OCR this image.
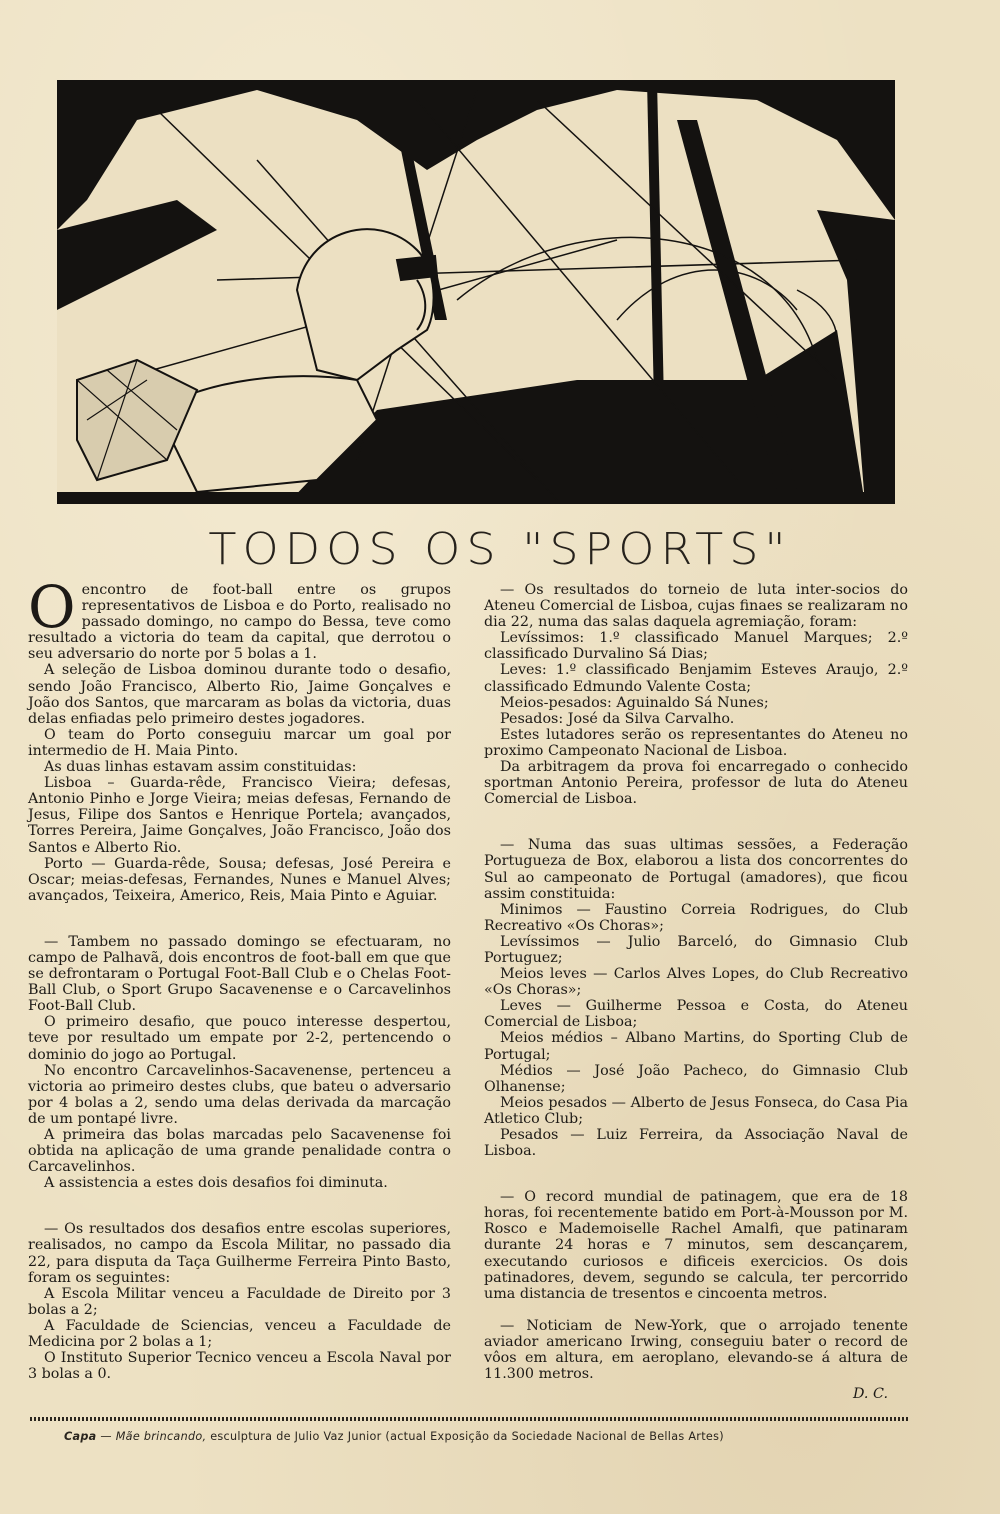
TODOS OS "SPORTS"

Oencontro de foot-ball entre os grupos representativos de Lisboa e do Porto, realisado no passado domingo, no campo do Bessa, teve como resultado a victoria do team da capital, que derrotou o seu adversario do norte por 5 bolas a 1.

A seleção de Lisboa dominou durante todo o desafio, sendo João Francisco, Alberto Rio, Jaime Gonçalves e João dos Santos, que marcaram as bolas da victoria, duas delas enfiadas pelo primeiro destes jogadores.

O team do Porto conseguiu marcar um goal por intermedio de H. Maia Pinto.

As duas linhas estavam assim constituidas:

Lisboa – Guarda-rêde, Francisco Vieira; defesas, Antonio Pinho e Jorge Vieira; meias defesas, Fernando de Jesus, Filipe dos Santos e Henrique Portela; avançados, Torres Pereira, Jaime Gonçalves, João Francisco, João dos Santos e Alberto Rio.

Porto — Guarda-rêde, Sousa; defesas, José Pereira e Oscar; meias-defesas, Fernandes, Nunes e Manuel Alves; avançados, Teixeira, Americo, Reis, Maia Pinto e Aguiar.

— Tambem no passado domingo se efectuaram, no campo de Palhavã, dois encontros de foot-ball em que que se defrontaram o Portugal Foot-Ball Club e o Chelas Foot-Ball Club, o Sport Grupo Sacavenense e o Carcavelinhos Foot-Ball Club.

O primeiro desafio, que pouco interesse despertou, teve por resultado um empate por 2-2, pertencendo o dominio do jogo ao Portugal.

No encontro Carcavelinhos-Sacavenense, pertenceu a victoria ao primeiro destes clubs, que bateu o adversario por 4 bolas a 2, sendo uma delas derivada da marcação de um pontapé livre.

A primeira das bolas marcadas pelo Sacavenense foi obtida na aplicação de uma grande penalidade contra o Carcavelinhos.

A assistencia a estes dois desafios foi diminuta.

— Os resultados dos desafios entre escolas superiores, realisados, no campo da Escola Militar, no passado dia 22, para disputa da Taça Guilherme Ferreira Pinto Basto, foram os seguintes:

A Escola Militar venceu a Faculdade de Direito por 3 bolas a 2;

A Faculdade de Sciencias, venceu a Faculdade de Medicina por 2 bolas a 1;

O Instituto Superior Tecnico venceu a Escola Naval por 3 bolas a 0.

— Os resultados do torneio de luta inter-socios do Ateneu Comercial de Lisboa, cujas finaes se realizaram no dia 22, numa das salas daquela agremiação, foram:

Levíssimos: 1.º classificado Manuel Marques; 2.º classificado Durvalino Sá Dias;

Leves: 1.º classificado Benjamim Esteves Araujo, 2.º classificado Edmundo Valente Costa;

Meios-pesados: Aguinaldo Sá Nunes;

Pesados: José da Silva Carvalho.

Estes lutadores serão os representantes do Ateneu no proximo Campeonato Nacional de Lisboa.

Da arbitragem da prova foi encarregado o conhecido sportman Antonio Pereira, professor de luta do Ateneu Comercial de Lisboa.

— Numa das suas ultimas sessões, a Federação Portugueza de Box, elaborou a lista dos concorrentes do Sul ao campeonato de Portugal (amadores), que ficou assim constituida:

Minimos — Faustino Correia Rodrigues, do Club Recreativo «Os Choras»;

Levíssimos — Julio Barceló, do Gimnasio Club Portuguez;

Meios leves — Carlos Alves Lopes, do Club Recreativo «Os Choras»;

Leves — Guilherme Pessoa e Costa, do Ateneu Comercial de Lisboa;

Meios médios – Albano Martins, do Sporting Club de Portugal;

Médios — José João Pacheco, do Gimnasio Club Olhanense;

Meios pesados — Alberto de Jesus Fonseca, do Casa Pia Atletico Club;

Pesados — Luiz Ferreira, da Associação Naval de Lisboa.

— O record mundial de patinagem, que era de 18 horas, foi recentemente batido em Port-à-Mousson por M. Rosco e Mademoiselle Rachel Amalfi, que patinaram durante 24 horas e 7 minutos, sem descançarem, executando curiosos e dificeis exercicios. Os dois patinadores, devem, segundo se calcula, ter percorrido uma distancia de tresentos e cincoenta metros.

— Noticiam de New-York, que o arrojado tenente aviador americano Irwing, conseguiu bater o record de vôos em altura, em aeroplano, elevando-se á altura de 11.300 metros.

D. C.

Capa — Mãe brincando, esculptura de Julio Vaz Junior (actual Exposição da Sociedade Nacional de Bellas Artes)
